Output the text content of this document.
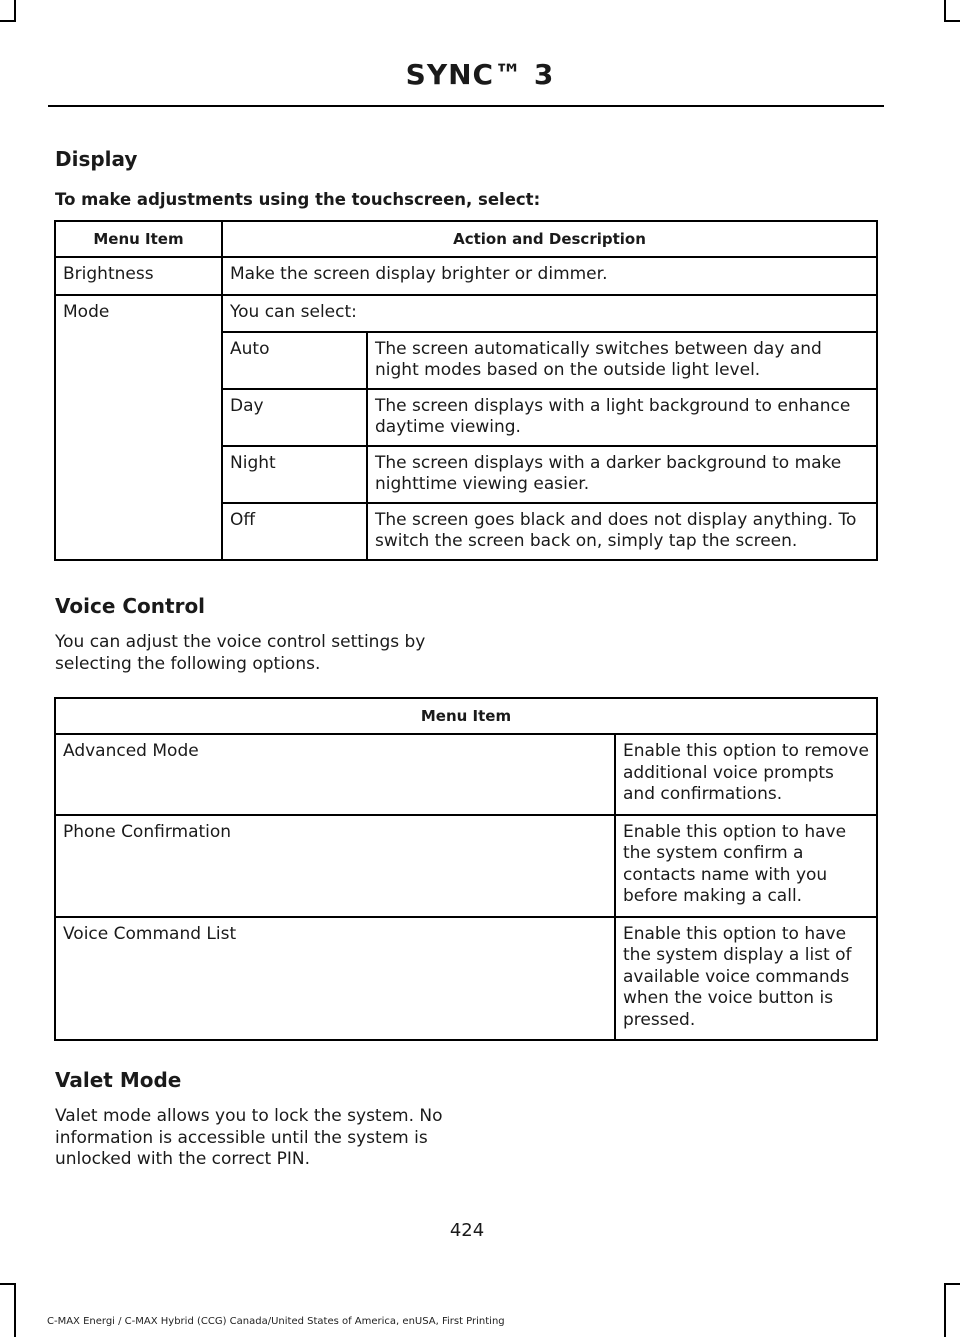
SYNC™ 3
Display

To make adjustments using the touchscreen, select:

Menu Item	Action and Description

Brightness	Make the screen display brighter or dimmer.

Mode	You can select:
Auto	The screen automatically switches between day and night modes based on the outside light level.
Day	The screen displays with a light background to enhance daytime viewing.
Night	The screen displays with a darker background to make nighttime viewing easier.
Off	The screen goes black and does not display anything. To switch the screen back on, simply tap the screen.
Voice Control

You can adjust the voice control settings by selecting the following options.

Menu Item	

Advanced Mode	Enable this option to remove additional voice prompts and confirmations.

Phone Confirmation	Enable this option to have the system confirm a contacts name with you before making a call.

Voice Command List	Enable this option to have the system display a list of available voice commands when the voice button is pressed.
Valet Mode

Valet mode allows you to lock the system. No information is accessible until the system is unlocked with the correct PIN.

424
C-MAX Energi / C-MAX Hybrid (CCG) Canada/United States of America, enUSA, First Printing
